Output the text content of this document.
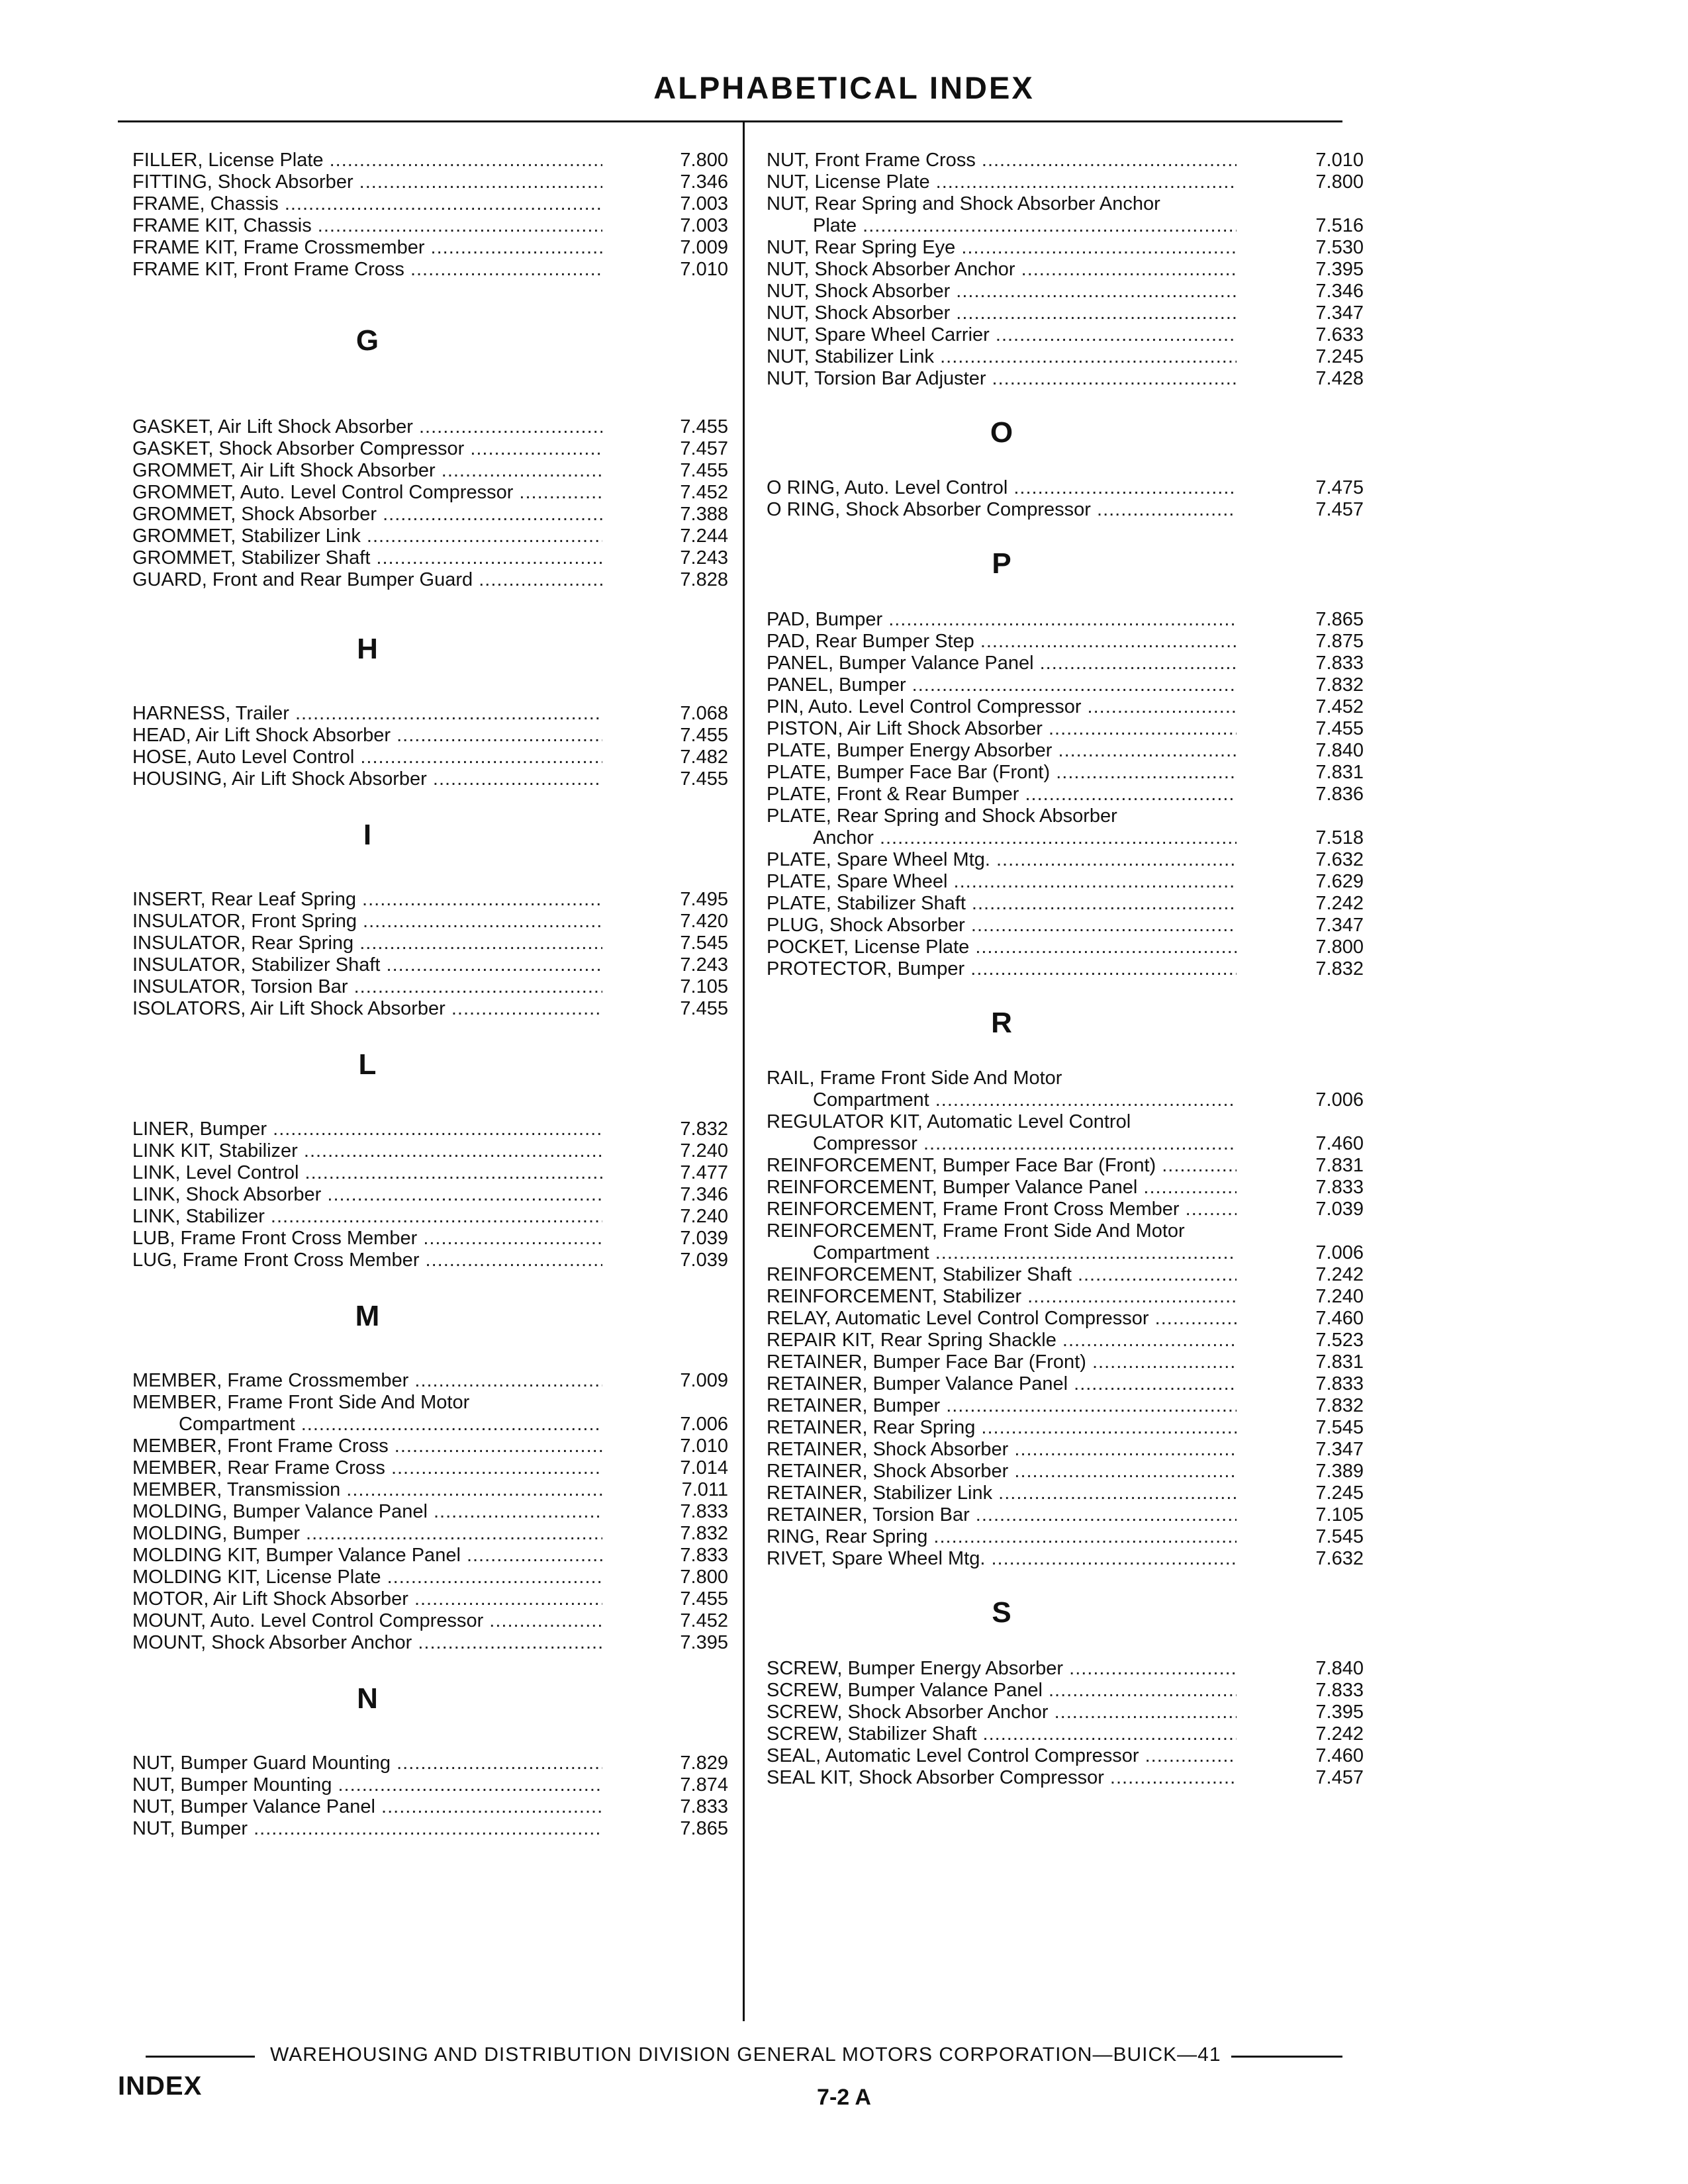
ALPHABETICAL INDEX
FILLER, License Plate .....	7.800
FITTING, Shock Absorber .....	7.346
FRAME, Chassis .....	7.003
FRAME KIT, Chassis .....	7.003
FRAME KIT, Frame Crossmember .....	7.009
FRAME KIT, Front Frame Cross .....	7.010
G
GASKET, Air Lift Shock Absorber .....	7.455
GASKET, Shock Absorber Compressor .....	7.457
GROMMET, Air Lift Shock Absorber .....	7.455
GROMMET, Auto. Level Control Compressor .....	7.452
GROMMET, Shock Absorber .....	7.388
GROMMET, Stabilizer Link .....	7.244
GROMMET, Stabilizer Shaft .....	7.243
GUARD, Front and Rear Bumper Guard .....	7.828
H
HARNESS, Trailer .....	7.068
HEAD, Air Lift Shock Absorber .....	7.455
HOSE, Auto Level Control .....	7.482
HOUSING, Air Lift Shock Absorber .....	7.455
I
INSERT, Rear Leaf Spring .....	7.495
INSULATOR, Front Spring .....	7.420
INSULATOR, Rear Spring .....	7.545
INSULATOR, Stabilizer Shaft .....	7.243
INSULATOR, Torsion Bar .....	7.105
ISOLATORS, Air Lift Shock Absorber .....	7.455
L
LINER, Bumper .....	7.832
LINK KIT, Stabilizer .....	7.240
LINK, Level Control .....	7.477
LINK, Shock Absorber .....	7.346
LINK, Stabilizer .....	7.240
LUB, Frame Front Cross Member .....	7.039
LUG, Frame Front Cross Member .....	7.039
M
MEMBER, Frame Crossmember .....	7.009
MEMBER, Frame Front Side And Motor
Compartment .....	7.006
MEMBER, Front Frame Cross .....	7.010
MEMBER, Rear Frame Cross .....	7.014
MEMBER, Transmission .....	7.011
MOLDING, Bumper Valance Panel .....	7.833
MOLDING, Bumper .....	7.832
MOLDING KIT, Bumper Valance Panel .....	7.833
MOLDING KIT, License Plate .....	7.800
MOTOR, Air Lift Shock Absorber .....	7.455
MOUNT, Auto. Level Control Compressor .....	7.452
MOUNT, Shock Absorber Anchor .....	7.395
N
NUT, Bumper Guard Mounting .....	7.829
NUT, Bumper Mounting .....	7.874
NUT, Bumper Valance Panel .....	7.833
NUT, Bumper .....	7.865
NUT, Front Frame Cross .....	7.010
NUT, License Plate .....	7.800
NUT, Rear Spring and Shock Absorber Anchor
Plate .....	7.516
NUT, Rear Spring Eye .....	7.530
NUT, Shock Absorber Anchor .....	7.395
NUT, Shock Absorber .....	7.346
NUT, Shock Absorber .....	7.347
NUT, Spare Wheel Carrier .....	7.633
NUT, Stabilizer Link .....	7.245
NUT, Torsion Bar Adjuster .....	7.428
O
O RING, Auto. Level Control .....	7.475
O RING, Shock Absorber Compressor .....	7.457
P
PAD, Bumper .....	7.865
PAD, Rear Bumper Step .....	7.875
PANEL, Bumper Valance Panel .....	7.833
PANEL, Bumper .....	7.832
PIN, Auto. Level Control Compressor .....	7.452
PISTON, Air Lift Shock Absorber .....	7.455
PLATE, Bumper Energy Absorber .....	7.840
PLATE, Bumper Face Bar (Front) .....	7.831
PLATE, Front & Rear Bumper .....	7.836
PLATE, Rear Spring and Shock Absorber
Anchor .....	7.518
PLATE, Spare Wheel Mtg. .....	7.632
PLATE, Spare Wheel .....	7.629
PLATE, Stabilizer Shaft .....	7.242
PLUG, Shock Absorber .....	7.347
POCKET, License Plate .....	7.800
PROTECTOR, Bumper .....	7.832
R
RAIL, Frame Front Side And Motor
Compartment .....	7.006
REGULATOR KIT, Automatic Level Control
Compressor .....	7.460
REINFORCEMENT, Bumper Face Bar (Front) .....	7.831
REINFORCEMENT, Bumper Valance Panel .....	7.833
REINFORCEMENT, Frame Front Cross Member .....	7.039
REINFORCEMENT, Frame Front Side And Motor
Compartment .....	7.006
REINFORCEMENT, Stabilizer Shaft .....	7.242
REINFORCEMENT, Stabilizer .....	7.240
RELAY, Automatic Level Control Compressor .....	7.460
REPAIR KIT, Rear Spring Shackle .....	7.523
RETAINER, Bumper Face Bar (Front) .....	7.831
RETAINER, Bumper Valance Panel .....	7.833
RETAINER, Bumper .....	7.832
RETAINER, Rear Spring .....	7.545
RETAINER, Shock Absorber .....	7.347
RETAINER, Shock Absorber .....	7.389
RETAINER, Stabilizer Link .....	7.245
RETAINER, Torsion Bar .....	7.105
RING, Rear Spring .....	7.545
RIVET, Spare Wheel Mtg. .....	7.632
S
SCREW, Bumper Energy Absorber .....	7.840
SCREW, Bumper Valance Panel .....	7.833
SCREW, Shock Absorber Anchor .....	7.395
SCREW, Stabilizer Shaft .....	7.242
SEAL, Automatic Level Control Compressor .....	7.460
SEAL KIT, Shock Absorber Compressor .....	7.457
WAREHOUSING AND DISTRIBUTION DIVISION GENERAL MOTORS CORPORATION—BUICK—41
INDEX	7-2 A
